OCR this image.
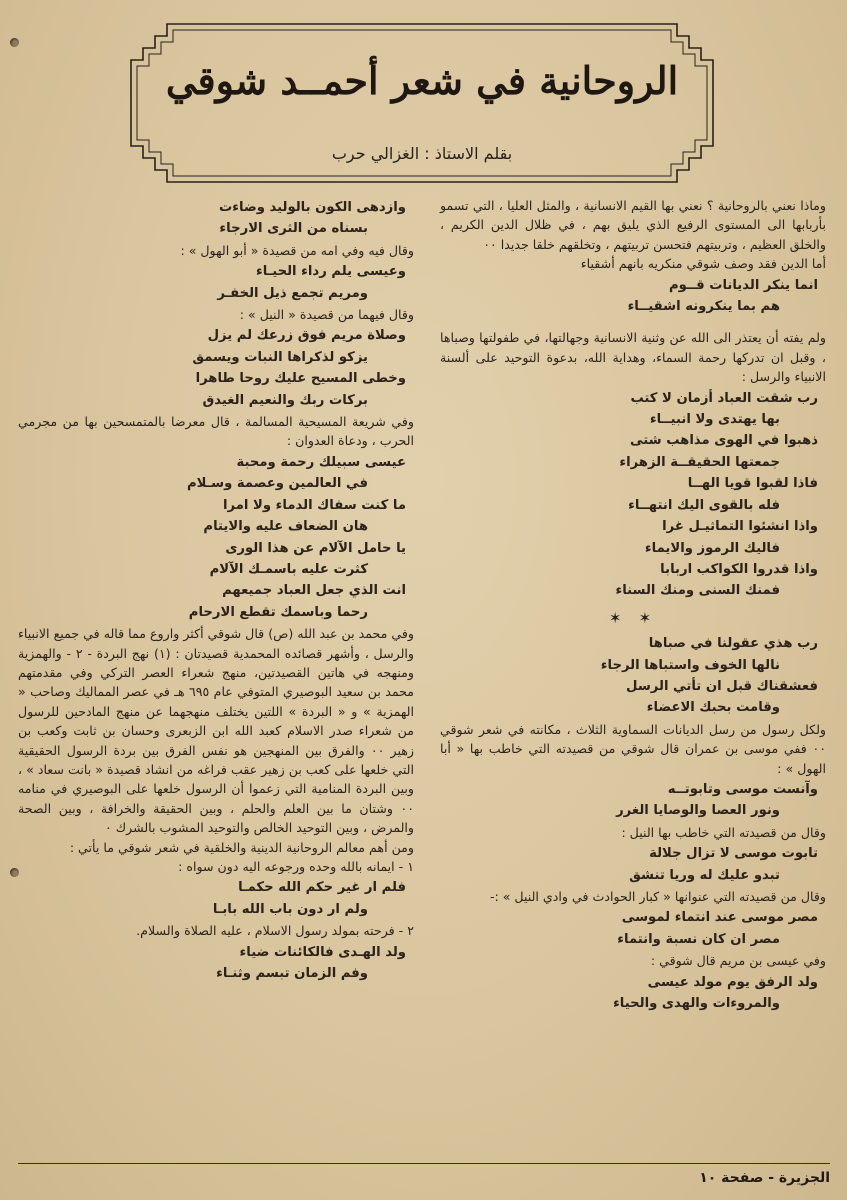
الروحانية في شعر أحمــد شوقي
بقلم الاستاذ : الغزالي حرب

وماذا نعني بالروحانية ؟ نعني بها القيم الانسانية ، والمثل العليا ، التي تسمو بأربابها الى المستوى الرفيع الذي يليق بهم ، في ظلال الدين الكريم ، والخلق العظيم ، وتربيتهم فتحسن تربيتهم ، وتخلقهم خلقا جديدا ٠٠

أما الدين فقد وصف شوقي منكريه بانهم أشقياء

انما ينكر الديانات قــوم

هم بما ينكرونه اشقيــاء

ولم يفته أن يعتذر الى الله عن وثنية الانسانية وجهالتها، في طفولتها وصباها ، وقبل ان تدركها رحمة السماء، وهداية الله، بدعوة التوحيد على ألسنة الانبياء والرسل :

رب شقت العباد أزمان لا كتب

بها يهتدى ولا انبيــاء

ذهبوا في الهوى مذاهب شتى

جمعتها الحقيقــة الزهراء

فاذا لقبوا قويا الهــا

فله بالقوى اليك انتهــاء

واذا انشئوا التماثيـل غرا

فاليك الرموز والايماء

واذا قدروا الكواكب اربابا

فمنك السنى ومنك السناء

✶ ✶

رب هذي عقولنا في صباها

نالها الخوف واستباها الرجاء

فعشقناك قبل ان تأتي الرسل

وقامت بحبك الاعضاء

ولكل رسول من رسل الديانات السماوية الثلاث ، مكانته في شعر شوقي ٠٠ ففي موسى بن عمران قال شوقي من قصيدته التي خاطب بها « أبا الهول » :

وآنست موسى وتابوتــه

ونور العصا والوصايا الغرر

وقال من قصيدته التي خاطب بها النيل :

تابوت موسى لا تزال جلالة

تبدو عليك له وريا تنشق

وقال من قصيدته التي عنوانها « كبار الحوادث في وادي النيل » :-

مصر موسى عند انتماء لموسى

مصر ان كان نسبة وانتماء

وفي عيسى بن مريم قال شوقي :

ولد الرفق يوم مولد عيسى

والمروءات والهدى والحياء

وازدهى الكون بالوليد وضاءت

بسناه من الثرى الارجاء

وقال فيه وفي امه من قصيدة « أبو الهول » :

وعيسى يلم رداء الحيـاء

ومريم تجمع ذيل الخفـر

وقال فيهما من قصيدة « النيل » :

وصلاة مريم فوق زرعك لم يزل

يزكو لذكراها النبات ويسمق

وخطى المسيح عليك روحا طاهرا

بركات ربك والنعيم الغيدق

وفي شريعة المسيحية المسالمة ، قال معرضا بالمتمسحين بها من مجرمي الحرب ، ودعاة العدوان :

عيسى سبيلك رحمة ومحبة

في العالمين وعصمة وسـلام

ما كنت سفاك الدماء ولا امرا

هان الضعاف عليه والايتام

يا حامل الآلام عن هذا الورى

كثرت عليه باسمـك الآلام

انت الذي جعل العباد جميعهم

رحما وباسمك تقطع الارحام

وفي محمد بن عبد الله (ص) قال شوقي أكثر واروع مما قاله في جميع الانبياء والرسل ، وأشهر قصائده المحمدية قصيدتان : (١) نهج البردة - ٢ - والهمزية ومنهجه في هاتين القصيدتين، منهج شعراء العصر التركي وفي مقدمتهم محمد بن سعيد البوصيري المتوفي عام ٦٩٥ هـ في عصر المماليك وصاحب « الهمزية » و « البردة » اللتين يختلف منهجهما عن منهج المادحين للرسول من شعراء صدر الاسلام كعبد الله ابن الزبعرى وحسان بن ثابت وكعب بن زهير ٠٠ والفرق بين المنهجين هو نفس الفرق بين بردة الرسول الحقيقية التي خلعها على كعب بن زهير عقب فراغه من انشاد قصيدة « بانت سعاد » ، وبين البردة المنامية التي زعموا أن الرسول خلعها على البوصيري في منامه ٠٠ وشتان ما بين العلم والحلم ، وبين الحقيقة والخرافة ، وبين الصحة والمرض ، وبين التوحيد الخالص والتوحيد المشوب بالشرك ٠

ومن أهم معالم الروحانية الدينية والخلقية في شعر شوقي ما يأتي :

١ - ايمانه بالله وحده ورجوعه اليه دون سواه :

فلم ار غير حكم الله حكمـا

ولم ار دون باب الله بابـا

٢ - فرحته بمولد رسول الاسلام ، عليه الصلاة والسلام.

ولد الهـدى فالكائنات ضياء

وفم الزمان تبسم وثنـاء

الجزيرة - صفحة ١٠
